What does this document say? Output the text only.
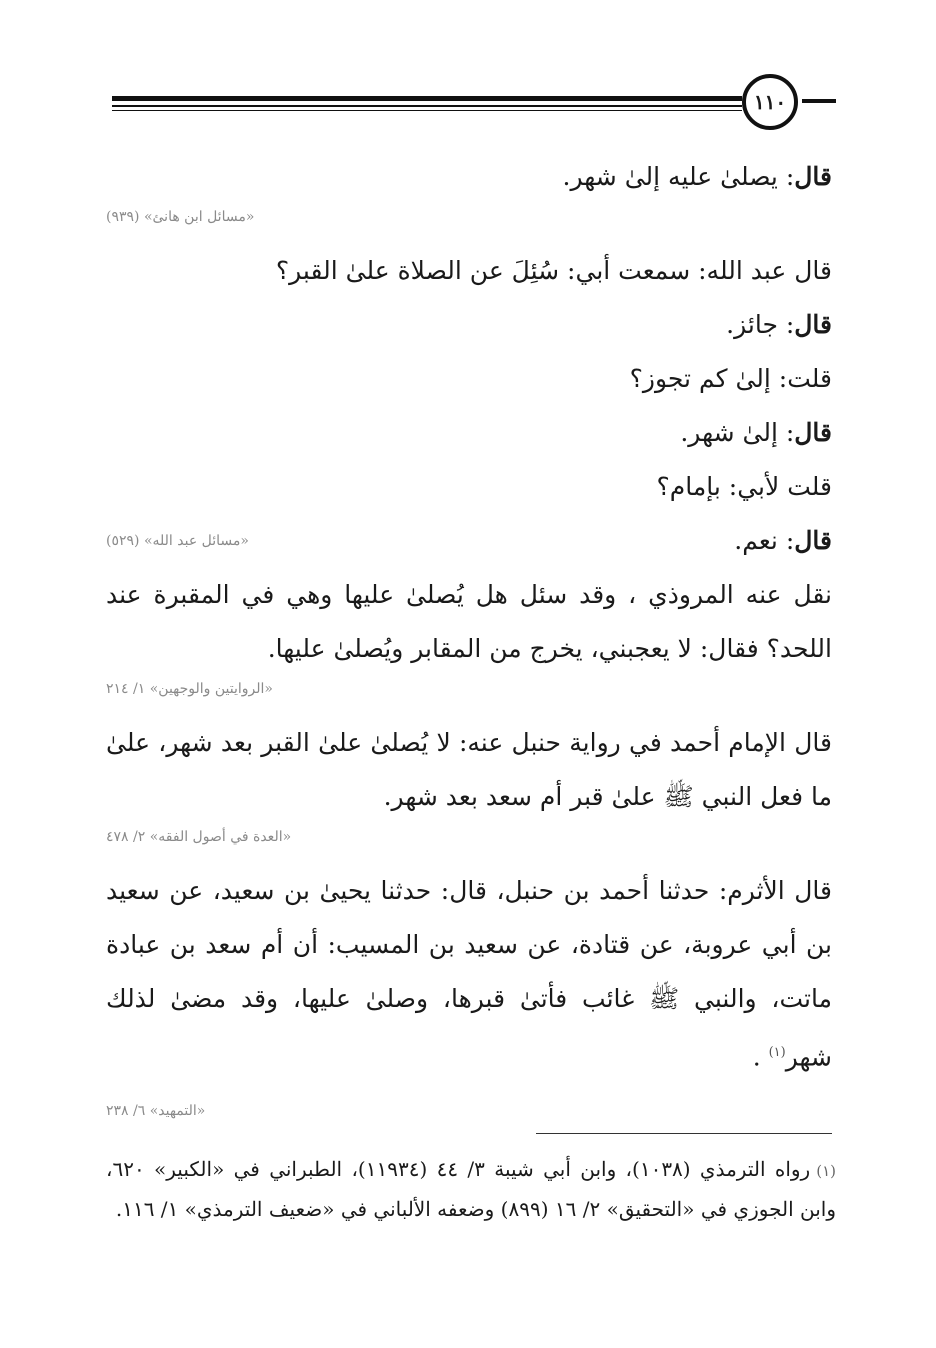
١١٠
قال: يصلىٰ عليه إلىٰ شهر.
«مسائل ابن هانئ» (٩٣٩)
قال عبد الله: سمعت أبي: سُئِلَ عن الصلاة علىٰ القبر؟
قال: جائز.
قلت: إلىٰ كم تجوز؟
قال: إلىٰ شهر.
قلت لأبي: بإمام؟
قال: نعم.
«مسائل عبد الله» (٥٢٩)
نقل عنه المروذي ، وقد سئل هل يُصلىٰ عليها وهي في المقبرة عند اللحد؟ فقال: لا يعجبني، يخرج من المقابر ويُصلىٰ عليها.
«الروايتين والوجهين» ١/ ٢١٤
قال الإمام أحمد في رواية حنبل عنه: لا يُصلىٰ علىٰ القبر بعد شهر، علىٰ ما فعل النبي ﷺ علىٰ قبر أم سعد بعد شهر.
«العدة في أصول الفقه» ٢/ ٤٧٨
قال الأثرم: حدثنا أحمد بن حنبل، قال: حدثنا يحيىٰ بن سعيد، عن سعيد بن أبي عروبة، عن قتادة، عن سعيد بن المسيب: أن أم سعد بن عبادة ماتت، والنبي ﷺ غائب فأتىٰ قبرها، وصلىٰ عليها، وقد مضىٰ لذلك شهر$^{(١)}$ .
«التمهيد» ٦/ ٢٣٨
(١)رواه الترمذي (١٠٣٨)، وابن أبي شيبة ٣/ ٤٤ (١١٩٣٤)، الطبراني في «الكبير» ٦٢٠، وابن الجوزي في «التحقيق» ٢/ ١٦ (٨٩٩) وضعفه الألباني في «ضعيف الترمذي» ١/ ١١٦.
